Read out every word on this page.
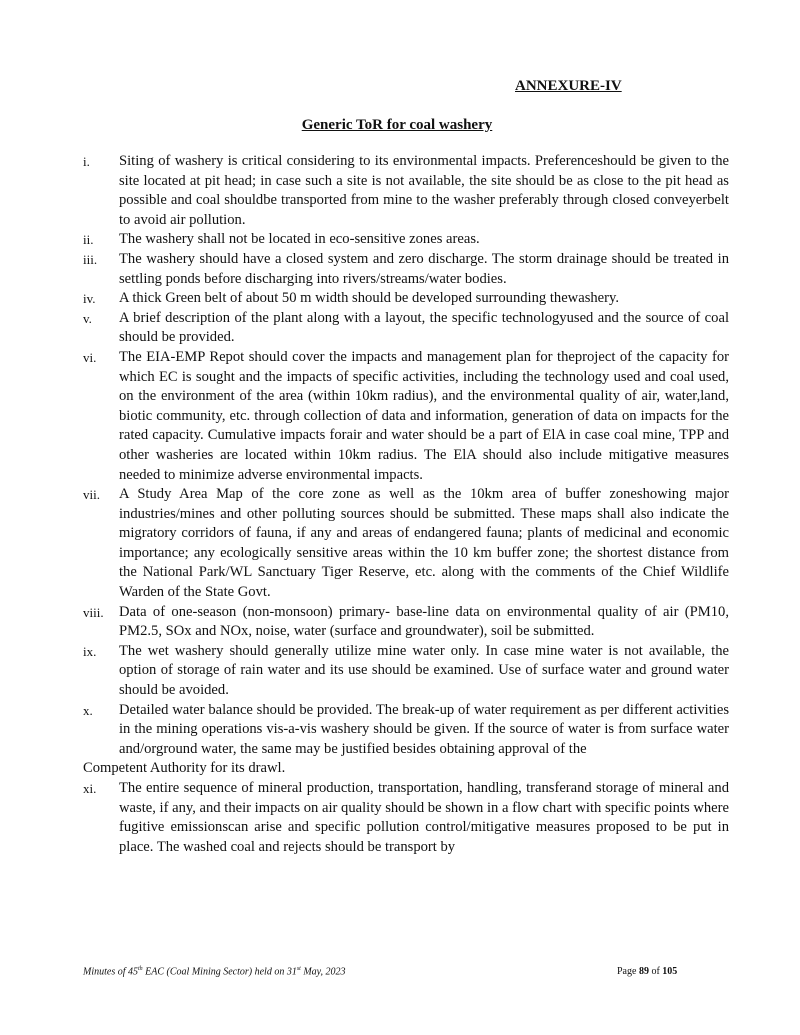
ANNEXURE-IV
Generic ToR for coal washery
i. Siting of washery is critical considering to its environmental impacts. Preferenceshould be given to the site located at pit head; in case such a site is not available, the site should be as close to the pit head as possible and coal shouldbe transported from mine to the washer preferably through closed conveyerbelt to avoid air pollution.
ii. The washery shall not be located in eco-sensitive zones areas.
iii. The washery should have a closed system and zero discharge. The storm drainage should be treated in settling ponds before discharging into rivers/streams/water bodies.
iv. A thick Green belt of about 50 m width should be developed surrounding thewashery.
v. A brief description of the plant along with a layout, the specific technologyused and the source of coal should be provided.
vi. The EIA-EMP Repot should cover the impacts and management plan for theproject of the capacity for which EC is sought and the impacts of specific activities, including the technology used and coal used, on the environment of the area (within 10km radius), and the environmental quality of air, water,land, biotic community, etc. through collection of data and information, generation of data on impacts for the rated capacity. Cumulative impacts forair and water should be a part of ElA in case coal mine, TPP and other washeries are located within 10km radius. The ElA should also include mitigative measures needed to minimize adverse environmental impacts.
vii. A Study Area Map of the core zone as well as the 10km area of buffer zoneshowing major industries/mines and other polluting sources should be submitted. These maps shall also indicate the migratory corridors of fauna, if any and areas of endangered fauna; plants of medicinal and economic importance; any ecologically sensitive areas within the 10 km buffer zone; the shortest distance from the National Park/WL Sanctuary Tiger Reserve, etc. along with the comments of the Chief Wildlife Warden of the State Govt.
viii. Data of one-season (non-monsoon) primary- base-line data on environmental quality of air (PM10, PM2.5, SOx and NOx, noise, water (surface and groundwater), soil be submitted.
ix. The wet washery should generally utilize mine water only. In case mine water is not available, the option of storage of rain water and its use should be examined. Use of surface water and ground water should be avoided.
x. Detailed water balance should be provided. The break-up of water requirement as per different activities in the mining operations vis-a-vis washery should be given. If the source of water is from surface water and/orground water, the same may be justified besides obtaining approval of the
Competent Authority for its drawl.
xi. The entire sequence of mineral production, transportation, handling, transferand storage of mineral and waste, if any, and their impacts on air quality should be shown in a flow chart with specific points where fugitive emissionscan arise and specific pollution control/mitigative measures proposed to be put in place. The washed coal and rejects should be transport by
Minutes of 45th EAC (Coal Mining Sector) held on 31st May, 2023	Page 89 of 105
